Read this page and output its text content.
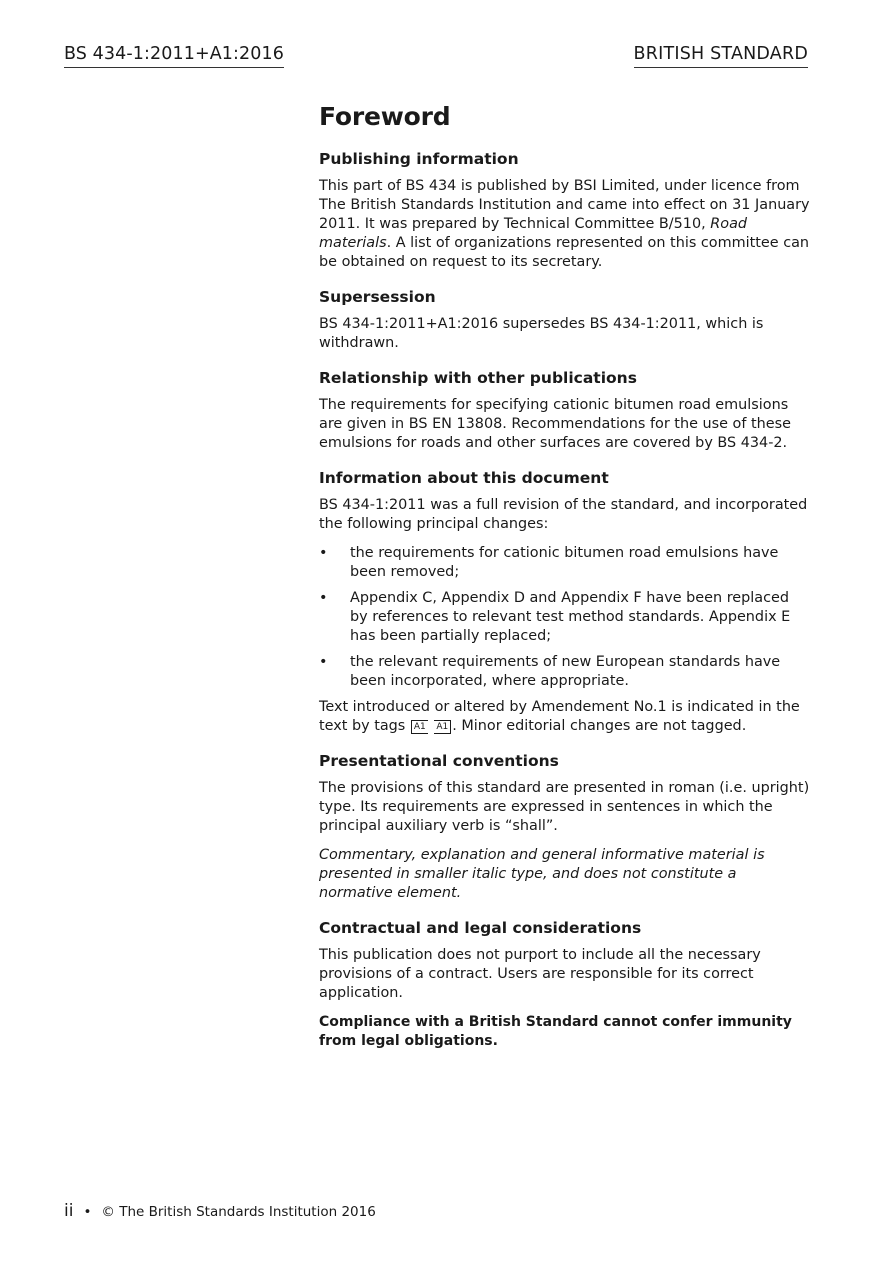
BS 434-1:2011+A1:2016	BRITISH STANDARD
Foreword
Publishing information

This part of BS 434 is published by BSI Limited, under licence from The British Standards Institution and came into effect on 31 January 2011. It was prepared by Technical Committee B/510, Road materials. A list of organizations represented on this committee can be obtained on request to its secretary.

Supersession

BS 434-1:2011+A1:2016 supersedes BS 434-1:2011, which is withdrawn.

Relationship with other publications

The requirements for specifying cationic bitumen road emulsions are given in BS EN 13808. Recommendations for the use of these emulsions for roads and other surfaces are covered by BS 434-2.

Information about this document

BS 434-1:2011 was a full revision of the standard, and incorporated the following principal changes:

• the requirements for cationic bitumen road emulsions have been removed;
• Appendix C, Appendix D and Appendix F have been replaced by references to relevant test method standards. Appendix E has been partially replaced;
• the relevant requirements of new European standards have been incorporated, where appropriate.

Text introduced or altered by Amendement No.1 is indicated in the text by tags A1 A1 . Minor editorial changes are not tagged.

Presentational conventions

The provisions of this standard are presented in roman (i.e. upright) type. Its requirements are expressed in sentences in which the principal auxiliary verb is “shall”.

Commentary, explanation and general informative material is presented in smaller italic type, and does not constitute a normative element.

Contractual and legal considerations

This publication does not purport to include all the necessary provisions of a contract. Users are responsible for its correct application.

Compliance with a British Standard cannot confer immunity from legal obligations.

ii • © The British Standards Institution 2016
